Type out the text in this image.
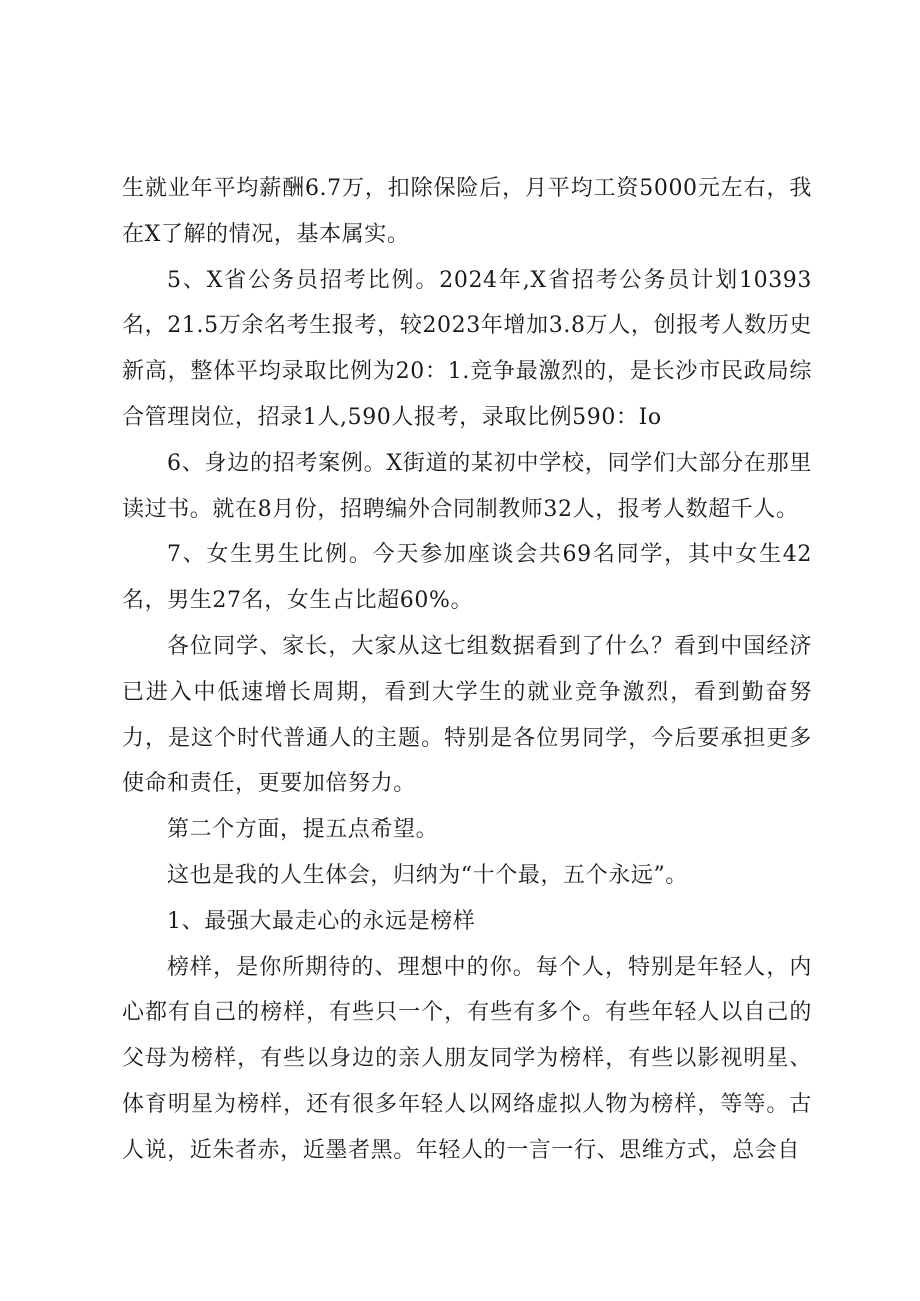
生就业年平均薪酬6.7万，扣除保险后，月平均工资5000元左右，我在X了解的情况，基本属实。

5、X省公务员招考比例。2024年,X省招考公务员计划10393名，21.5万余名考生报考，较2023年增加3.8万人，创报考人数历史新高，整体平均录取比例为20：1.竞争最激烈的，是长沙市民政局综合管理岗位，招录1人,590人报考，录取比例590：Io

6、身边的招考案例。X街道的某初中学校，同学们大部分在那里读过书。就在8月份，招聘编外合同制教师32人，报考人数超千人。

7、女生男生比例。今天参加座谈会共69名同学，其中女生42名，男生27名，女生占比超60%。

各位同学、家长，大家从这七组数据看到了什么？看到中国经济已进入中低速增长周期，看到大学生的就业竞争激烈，看到勤奋努力，是这个时代普通人的主题。特别是各位男同学，今后要承担更多使命和责任，更要加倍努力。

第二个方面，提五点希望。

这也是我的人生体会，归纳为“十个最，五个永远”。

1、最强大最走心的永远是榜样

榜样，是你所期待的、理想中的你。每个人，特别是年轻人，内心都有自己的榜样，有些只一个，有些有多个。有些年轻人以自己的父母为榜样，有些以身边的亲人朋友同学为榜样，有些以影视明星、体育明星为榜样，还有很多年轻人以网络虚拟人物为榜样，等等。古人说，近朱者赤，近墨者黑。年轻人的一言一行、思维方式，总会自
